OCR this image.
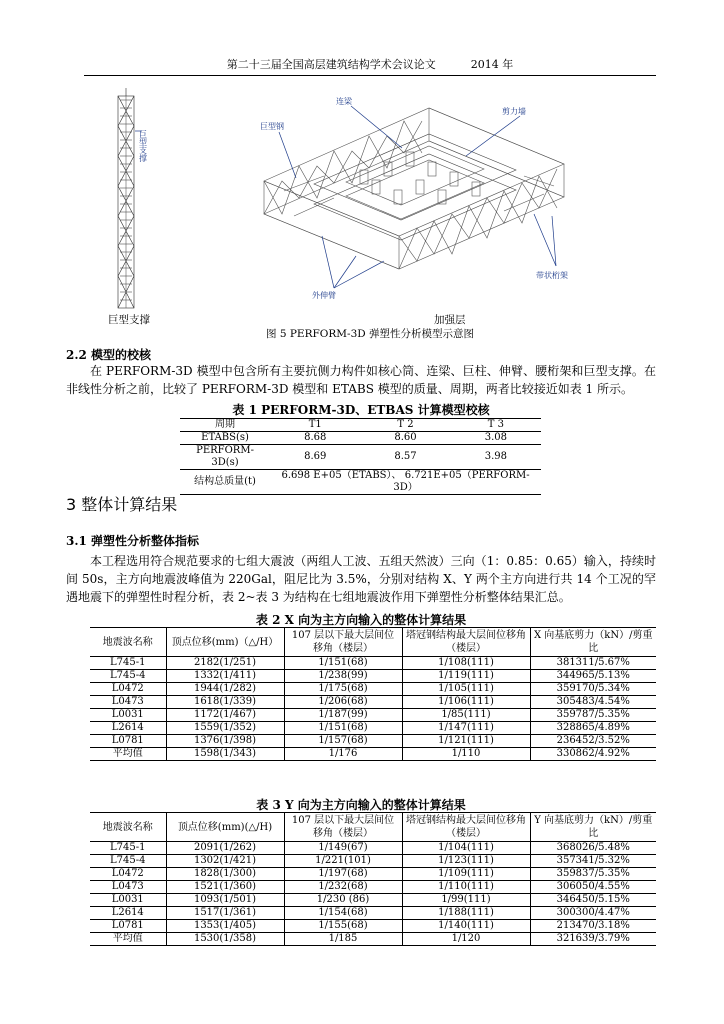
第二十三届全国高层建筑结构学术会议论文          2014 年
巨型支撑
巨型钢
连梁
剪力墙
外伸臂
带状桁架
巨型支撑	加强层
图 5 PERFORM-3D 弹塑性分析模型示意图
2.2 模型的校核

在 PERFORM-3D 模型中包含所有主要抗侧力构件如核心筒、连梁、巨柱、伸臂、腰桁架和巨型支撑。在非线性分析之前，比较了 PERFORM-3D 模型和 ETABS 模型的质量、周期，两者比较接近如表 1 所示。

表 1 PERFORM-3D、ETBAS 计算模型校核
周期	T1	T 2	T 3
ETABS(s)	8.68	8.60	3.08
PERFORM-3D(s)	8.69	8.57	3.98
结构总质量(t)	6.698 E+05（ETABS）、 6.721E+05（PERFORM-3D）		
3 整体计算结果
3.1 弹塑性分析整体指标

本工程选用符合规范要求的七组大震波（两组人工波、五组天然波）三向（1：0.85：0.65）输入，持续时间 50s，主方向地震波峰值为 220Gal，阻尼比为 3.5%，分别对结构 X、Y 两个主方向进行共 14 个工况的罕遇地震下的弹塑性时程分析，表 2~表 3 为结构在七组地震波作用下弹塑性分析整体结果汇总。

表 2 X 向为主方向输入的整体计算结果
地震波名称	顶点位移(mm)（△/H）	107 层以下最大层间位移角（楼层）	塔冠钢结构最大层间位移角（楼层）	X 向基底剪力（kN）/剪重比
L745-1	2182(1/251)	1/151(68)	1/108(111)	381311/5.67%
L745-4	1332(1/411)	1/238(99)	1/119(111)	344965/5.13%
L0472	1944(1/282)	1/175(68)	1/105(111)	359170/5.34%
L0473	1618(1/339)	1/206(68)	1/106(111)	305483/4.54%
L0031	1172(1/467)	1/187(99)	1/85(111)	359787/5.35%
L2614	1559(1/352)	1/151(68)	1/147(111)	328865/4.89%
L0781	1376(1/398)	1/157(68)	1/121(111)	236452/3.52%
平均值	1598(1/343)	1/176	1/110	330862/4.92%
表 3 Y 向为主方向输入的整体计算结果
地震波名称	顶点位移(mm)(△/H)	107 层以下最大层间位移角（楼层）	塔冠钢结构最大层间位移角（楼层）	Y 向基底剪力（kN）/剪重比
L745-1	2091(1/262)	1/149(67)	1/104(111)	368026/5.48%
L745-4	1302(1/421)	1/221(101)	1/123(111)	357341/5.32%
L0472	1828(1/300)	1/197(68)	1/109(111)	359837/5.35%
L0473	1521(1/360)	1/232(68)	1/110(111)	306050/4.55%
L0031	1093(1/501)	1/230 (86)	1/99(111)	346450/5.15%
L2614	1517(1/361)	1/154(68)	1/188(111)	300300/4.47%
L0781	1353(1/405)	1/155(68)	1/140(111)	213470/3.18%
平均值	1530(1/358)	1/185	1/120	321639/3.79%
